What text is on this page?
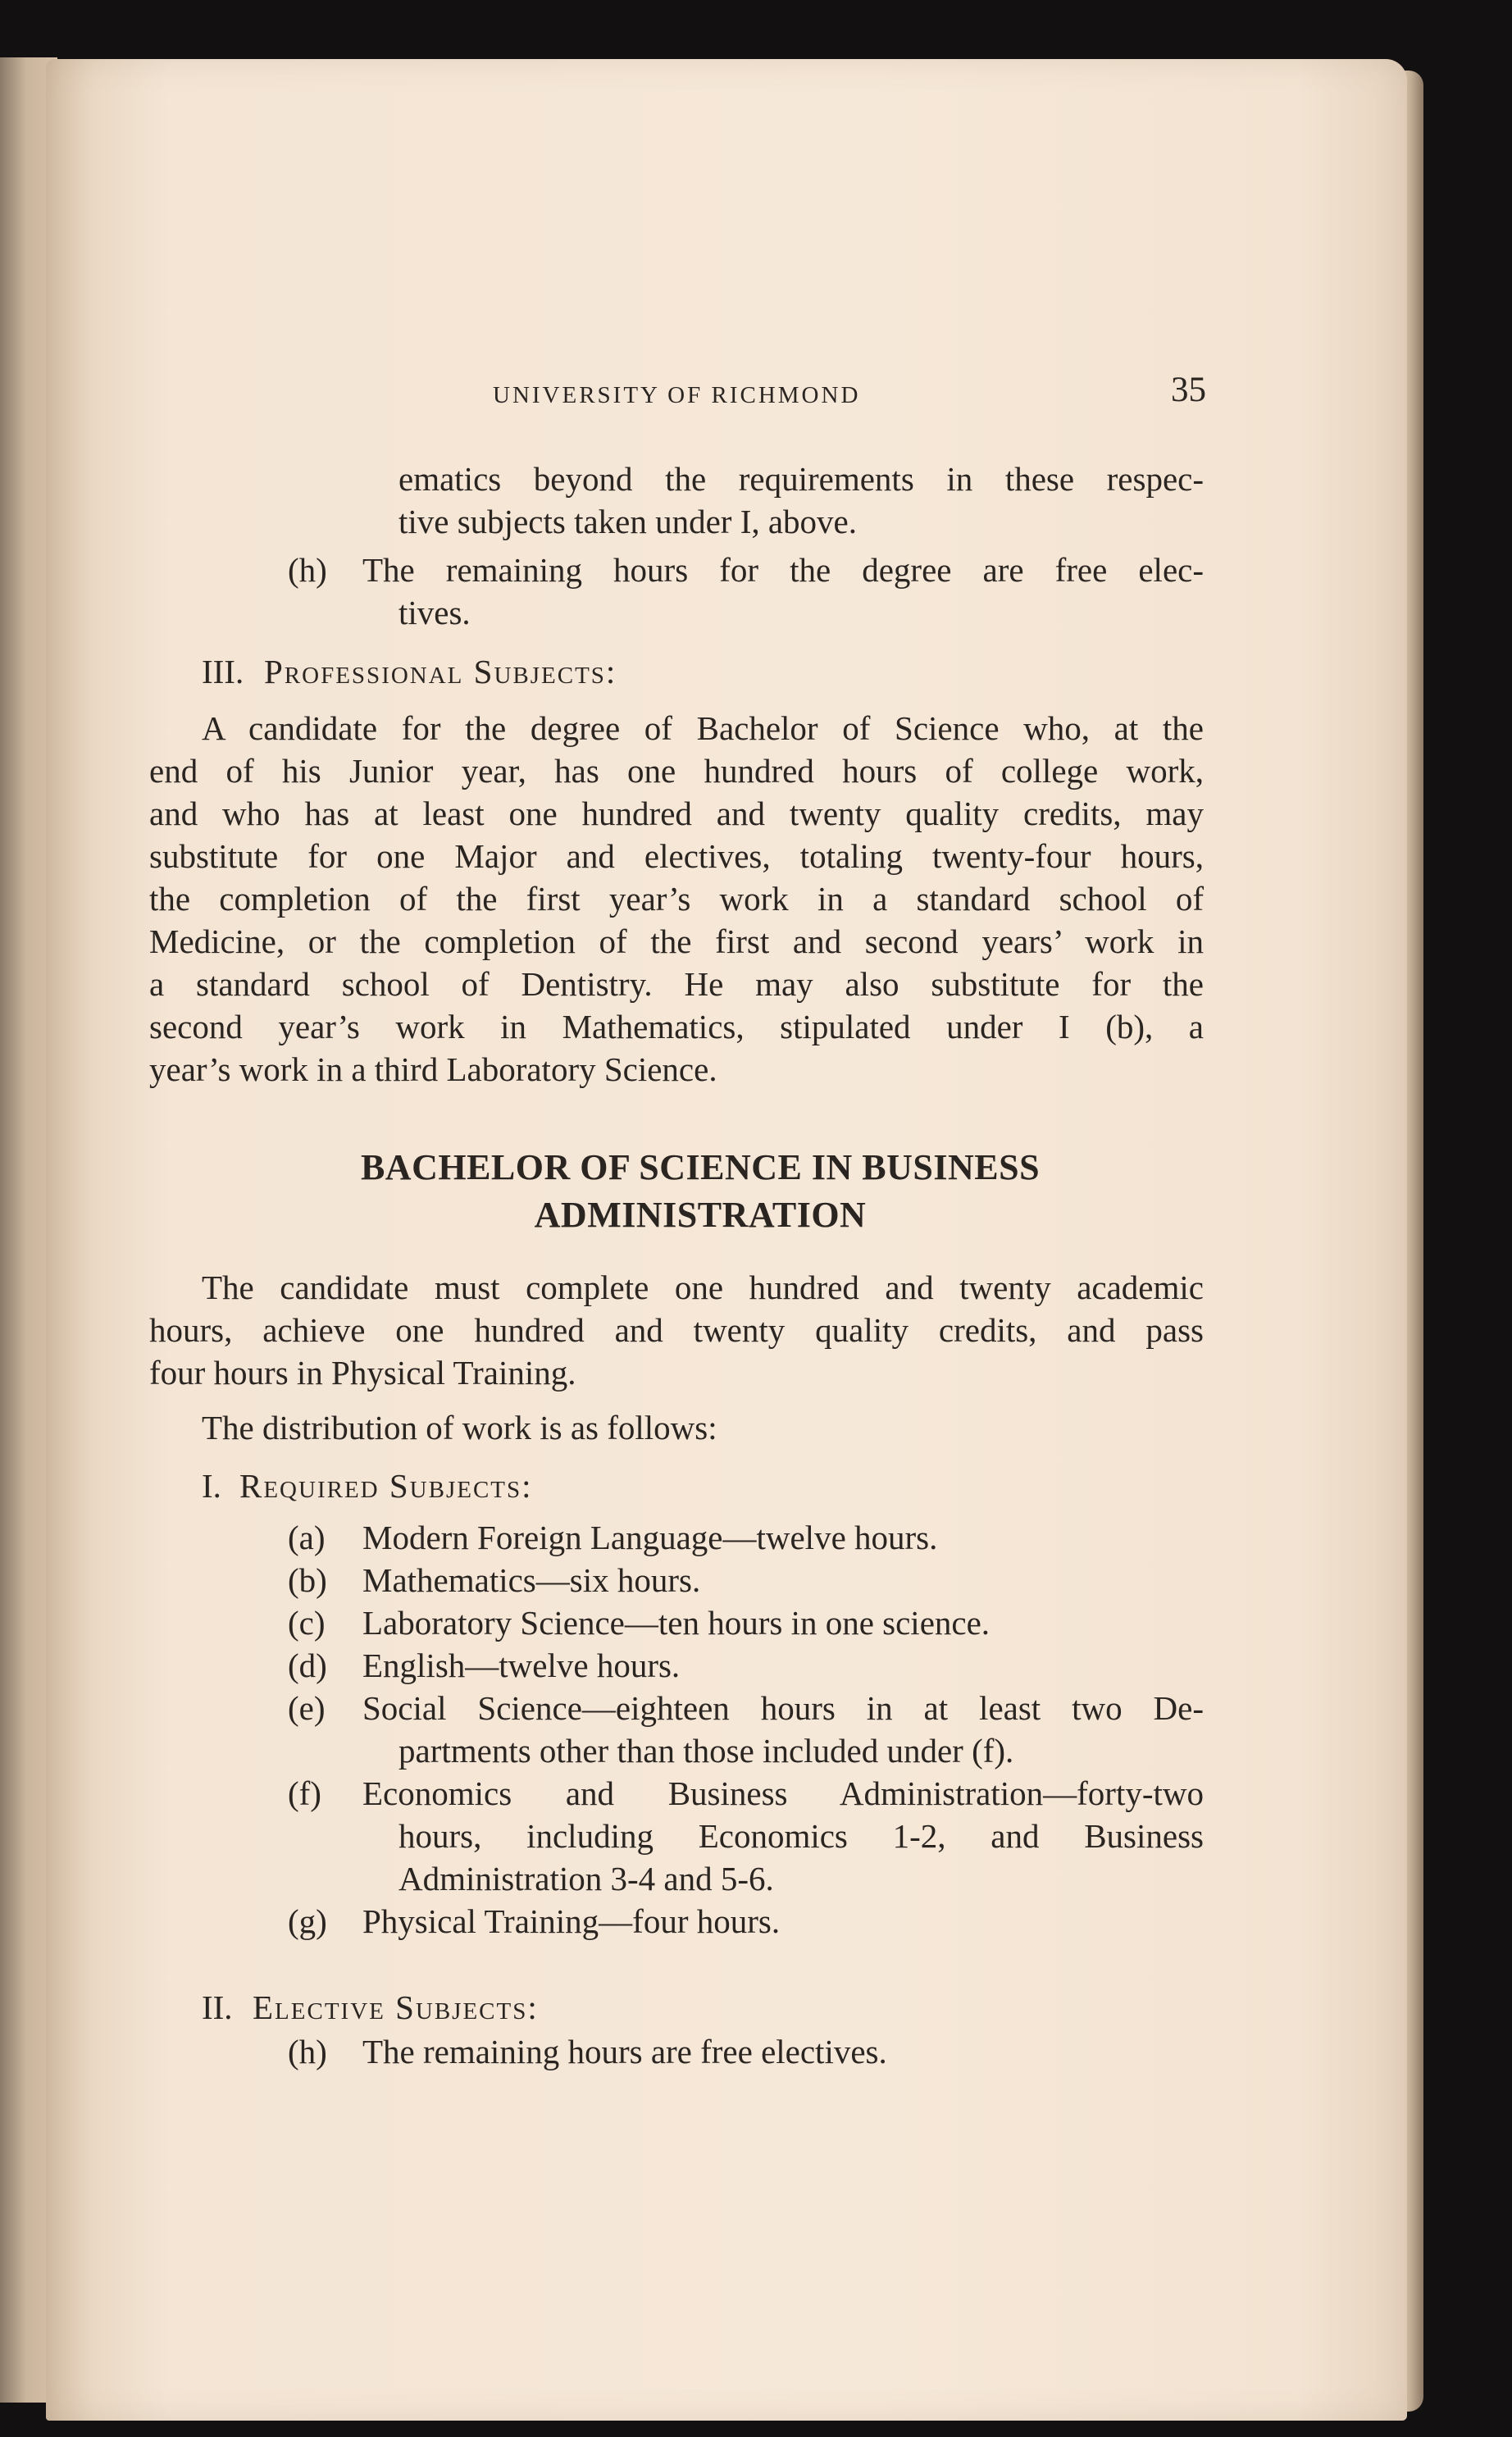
UNIVERSITY OF RICHMOND	35
ematics beyond the requirements in these respec-
tive subjects taken under I, above.
(h) The remaining hours for the degree are free elec-
tives.
III. Professional Subjects:
A candidate for the degree of Bachelor of Science who, at the
end of his Junior year, has one hundred hours of college work,
and who has at least one hundred and twenty quality credits, may
substitute for one Major and electives, totaling twenty-four hours,
the completion of the first year’s work in a standard school of
Medicine, or the completion of the first and second years’ work in
a standard school of Dentistry. He may also substitute for the
second year’s work in Mathematics, stipulated under I (b), a
year’s work in a third Laboratory Science.
BACHELOR OF SCIENCE IN BUSINESS
ADMINISTRATION
The candidate must complete one hundred and twenty academic
hours, achieve one hundred and twenty quality credits, and pass
four hours in Physical Training.
The distribution of work is as follows:
I. Required Subjects:
(a) Modern Foreign Language—twelve hours.
(b) Mathematics—six hours.
(c) Laboratory Science—ten hours in one science.
(d) English—twelve hours.
(e) Social Science—eighteen hours in at least two De-
partments other than those included under (f).
(f) Economics and Business Administration—forty-two
hours, including Economics 1-2, and Business
Administration 3-4 and 5-6.
(g) Physical Training—four hours.
II. Elective Subjects:
(h) The remaining hours are free electives.
